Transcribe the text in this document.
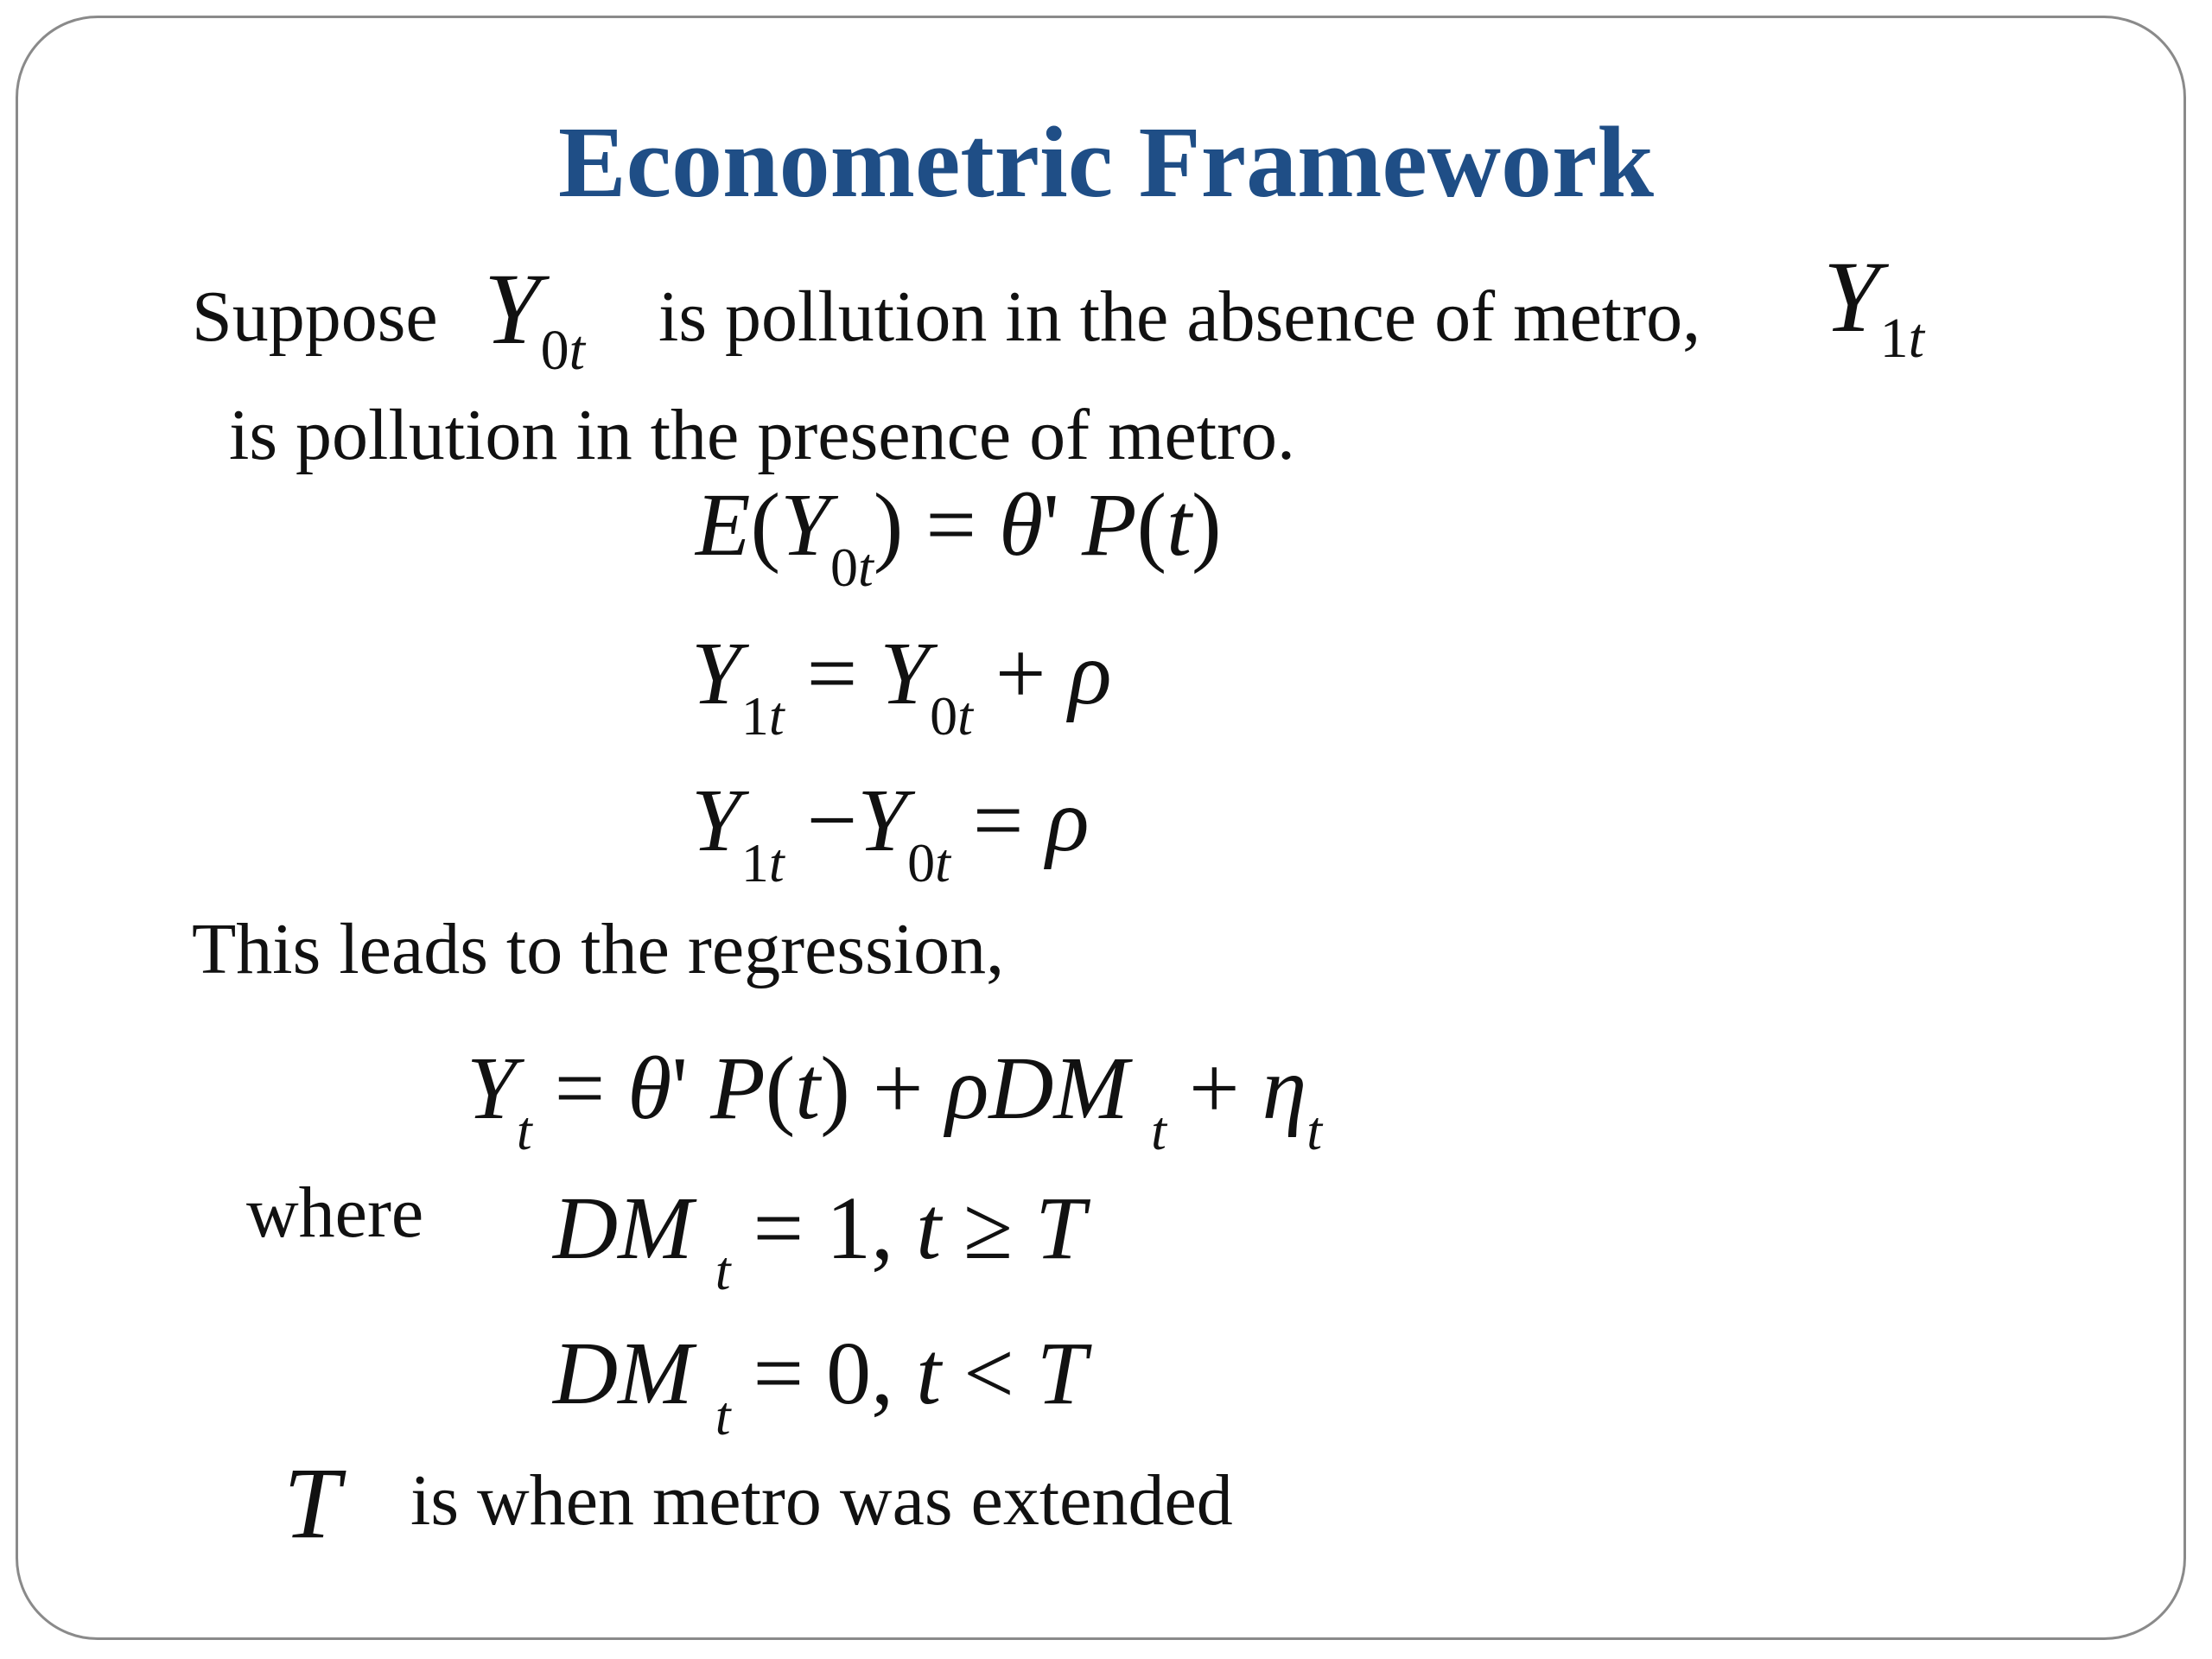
Econometric Framework
Suppose $Y_{0t}$ is pollution in the absence of metro, $Y_{1t}$
is pollution in the presence of metro.
$E(Y_{0t}) = \theta'$ P(t)
$Y_{1t} = Y_{0t} + \rho$
$Y_{1t} -Y_{0t} = \rho$
This leads to the regression,
$Y_t = \theta'$ P(t) + ρDM $_t + \eta_t$
where DM $_t$ = 1, t ≥ T
DM $_t$ = 0, t < T
T is when metro was extended
